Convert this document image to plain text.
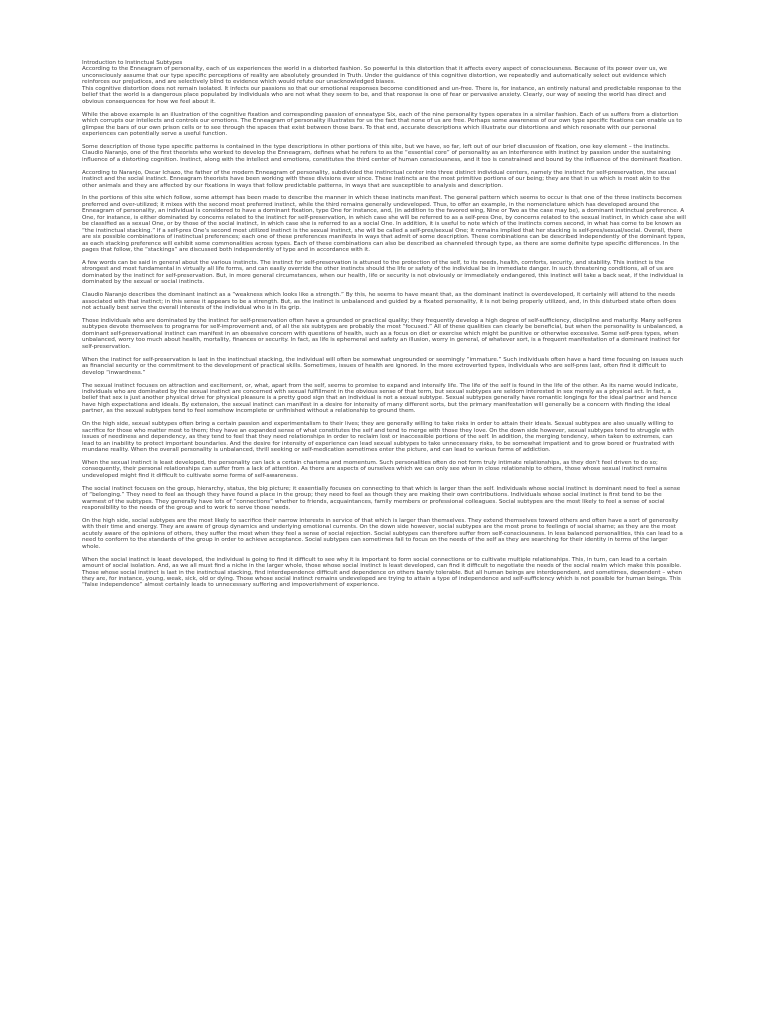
Introduction to Instinctual Subtypes

According to the Enneagram of personality, each of us experiences the world in a distorted fashion. So powerful is this distortion that it affects every aspect of consciousness. Because of its power over us, we unconsciously assume that our type specific perceptions of reality are absolutely grounded in Truth. Under the guidance of this cognitive distortion, we repeatedly and automatically select out evidence which reinforces our prejudices, and are selectively blind to evidence which would refute our unacknowledged biases.

This cognitive distortion does not remain isolated. It infects our passions so that our emotional responses become conditioned and un-free. There is, for instance, an entirely natural and predictable response to the belief that the world is a dangerous place populated by individuals who are not what they seem to be, and that response is one of fear or pervasive anxiety. Clearly, our way of seeing the world has direct and obvious consequences for how we feel about it.

While the above example is an illustration of the cognitive fixation and corresponding passion of enneatype Six, each of the nine personality types operates in a similar fashion. Each of us suffers from a distortion which corrupts our intellects and controls our emotions. The Enneagram of personality illustrates for us the fact that none of us are free. Perhaps some awareness of our own type specific fixations can enable us to glimpse the bars of our own prison cells or to see through the spaces that exist between those bars. To that end, accurate descriptions which illustrate our distortions and which resonate with our personal experiences can potentially serve a useful function.

Some description of those type specific patterns is contained in the type descriptions in other portions of this site, but we have, so far, left out of our brief discussion of fixation, one key element – the instincts. Claudio Naranjo, one of the first theorists who worked to develop the Enneagram, defines what he refers to as the “essential core” of personality as an interference with instinct by passion under the sustaining influence of a distorting cognition. Instinct, along with the intellect and emotions, constitutes the third center of human consciousness, and it too is constrained and bound by the influence of the dominant fixation.

According to Naranjo, Oscar Ichazo, the father of the modern Enneagram of personality, subdivided the instinctual center into three distinct individual centers, namely the instinct for self-preservation, the sexual instinct and the social instinct. Enneagram theorists have been working with these divisions ever since. These instincts are the most primitive portions of our being; they are that in us which is most akin to the other animals and they are affected by our fixations in ways that follow predictable patterns, in ways that are susceptible to analysis and description.

In the portions of this site which follow, some attempt has been made to describe the manner in which these instincts manifest. The general pattern which seems to occur is that one of the three instincts becomes preferred and over-utilized; it mixes with the second most preferred instinct, while the third remains generally undeveloped. Thus, to offer an example, in the nomenclature which has developed around the Enneagram of personality, an individual is considered to have a dominant fixation, type One for instance, and, (in addition to the favored wing, Nine or Two as the case may be), a dominant instinctual preference. A One, for instance, is either dominated by concerns related to the instinct for self-preservation, in which case she will be referred to as a self-pres One, by concerns related to the sexual instinct, in which case she will be classified as a sexual One, or by those of the social instinct, in which case she is referred to as a social One. In addition, it is useful to note which of the instincts comes second, in what has come to be known as “the instinctual stacking.” If a self-pres One’s second most utilized instinct is the sexual instinct, she will be called a self-pres/sexual One; it remains implied that her stacking is self-pres/sexual/social. Overall, there are six possible combinations of instinctual preferences; each one of these preferences manifests in ways that admit of some description. These combinations can be described independently of the dominant types, as each stacking preference will exhibit some commonalities across types. Each of these combinations can also be described as channeled through type, as there are some definite type specific differences. In the pages that follow, the “stackings” are discussed both independently of type and in accordance with it.

A few words can be said in general about the various instincts. The instinct for self-preservation is attuned to the protection of the self, to its needs, health, comforts, security, and stability. This instinct is the strongest and most fundamental in virtually all life forms, and can easily override the other instincts should the life or safety of the individual be in immediate danger. In such threatening conditions, all of us are dominated by the instinct for self-preservation. But, in more general circumstances, when our health, life or security is not obviously or immediately endangered, this instinct will take a back seat, if the individual is dominated by the sexual or social instincts.

Claudio Naranjo describes the dominant instinct as a “weakness which looks like a strength.” By this, he seems to have meant that, as the dominant instinct is overdeveloped, it certainly will attend to the needs associated with that instinct; in this sense it appears to be a strength. But, as the instinct is unbalanced and guided by a fixated personality, it is not being properly utilized, and, in this disturbed state often does not actually best serve the overall interests of the individual who is in its grip.

Those individuals who are dominated by the instinct for self-preservation often have a grounded or practical quality; they frequently develop a high degree of self-sufficiency, discipline and maturity. Many self-pres subtypes devote themselves to programs for self-improvement and, of all the six subtypes are probably the most “focused.” All of these qualities can clearly be beneficial, but when the personality is unbalanced, a dominant self-preservational instinct can manifest in an obsessive concern with questions of health, such as a focus on diet or exercise which might be punitive or otherwise excessive. Some self-pres types, when unbalanced, worry too much about health, mortality, finances or security. In fact, as life is ephemeral and safety an illusion, worry in general, of whatever sort, is a frequent manifestation of a dominant instinct for self-preservation.

When the instinct for self-preservation is last in the instinctual stacking, the individual will often be somewhat ungrounded or seemingly “immature.” Such individuals often have a hard time focusing on issues such as financial security or the commitment to the development of practical skills. Sometimes, issues of health are ignored. In the more extroverted types, individuals who are self-pres last, often find it difficult to develop “inwardness.”

The sexual instinct focuses on attraction and excitement, or, what, apart from the self, seems to promise to expand and intensify life. The life of the self is found in the life of the other. As its name would indicate, individuals who are dominated by the sexual instinct are concerned with sexual fulfillment in the obvious sense of that term, but sexual subtypes are seldom interested in sex merely as a physical act. In fact, a belief that sex is just another physical drive for physical pleasure is a pretty good sign that an individual is not a sexual subtype. Sexual subtypes generally have romantic longings for the ideal partner and hence have high expectations and ideals. By extension, the sexual instinct can manifest in a desire for intensity of many different sorts, but the primary manifestation will generally be a concern with finding the ideal partner, as the sexual subtypes tend to feel somehow incomplete or unfinished without a relationship to ground them.

On the high side, sexual subtypes often bring a certain passion and experimentalism to their lives; they are generally willing to take risks in order to attain their ideals. Sexual subtypes are also usually willing to sacrifice for those who matter most to them; they have an expanded sense of what constitutes the self and tend to merge with those they love. On the down side however, sexual subtypes tend to struggle with issues of neediness and dependency, as they tend to feel that they need relationships in order to reclaim lost or inaccessible portions of the self. In addition, the merging tendency, when taken to extremes, can lead to an inability to protect important boundaries. And the desire for intensity of experience can lead sexual subtypes to take unnecessary risks, to be somewhat impatient and to grow bored or frustrated with mundane reality. When the overall personality is unbalanced, thrill seeking or self-medication sometimes enter the picture, and can lead to various forms of addiction.

When the sexual instinct is least developed, the personality can lack a certain charisma and momentum. Such personalities often do not form truly intimate relationships, as they don’t feel driven to do so; consequently, their personal relationships can suffer from a lack of attention. As there are aspects of ourselves which we can only see when in close relationship to others, those whose sexual instinct remains undeveloped might find it difficult to cultivate some forms of self-awareness.

The social instinct focuses on the group, hierarchy, status, the big picture; it essentially focuses on connecting to that which is larger than the self. Individuals whose social instinct is dominant need to feel a sense of “belonging.” They need to feel as though they have found a place in the group; they need to feel as though they are making their own contributions. Individuals whose social instinct is first tend to be the warmest of the subtypes. They generally have lots of “connections” whether to friends, acquaintances, family members or professional colleagues. Social subtypes are the most likely to feel a sense of social responsibility to the needs of the group and to work to serve those needs.

On the high side, social subtypes are the most likely to sacrifice their narrow interests in service of that which is larger than themselves. They extend themselves toward others and often have a sort of generosity with their time and energy. They are aware of group dynamics and underlying emotional currents. On the down side however, social subtypes are the most prone to feelings of social shame; as they are the most acutely aware of the opinions of others, they suffer the most when they feel a sense of social rejection. Social subtypes can therefore suffer from self-consciousness. In less balanced personalities, this can lead to a need to conform to the standards of the group in order to achieve acceptance. Social subtypes can sometimes fail to focus on the needs of the self as they are searching for their identity in terms of the larger whole.

When the social instinct is least developed, the individual is going to find it difficult to see why it is important to form social connections or to cultivate multiple relationships. This, in turn, can lead to a certain amount of social isolation. And, as we all must find a niche in the larger whole, those whose social instinct is least developed, can find it difficult to negotiate the needs of the social realm which make this possible. Those whose social instinct is last in the instinctual stacking, find interdependence difficult and dependence on others barely tolerable. But all human beings are interdependent, and sometimes, dependent – when they are, for instance, young, weak, sick, old or dying. Those whose social instinct remains undeveloped are trying to attain a type of independence and self-sufficiency which is not possible for human beings. This “false independence” almost certainly leads to unnecessary suffering and impoverishment of experience.
